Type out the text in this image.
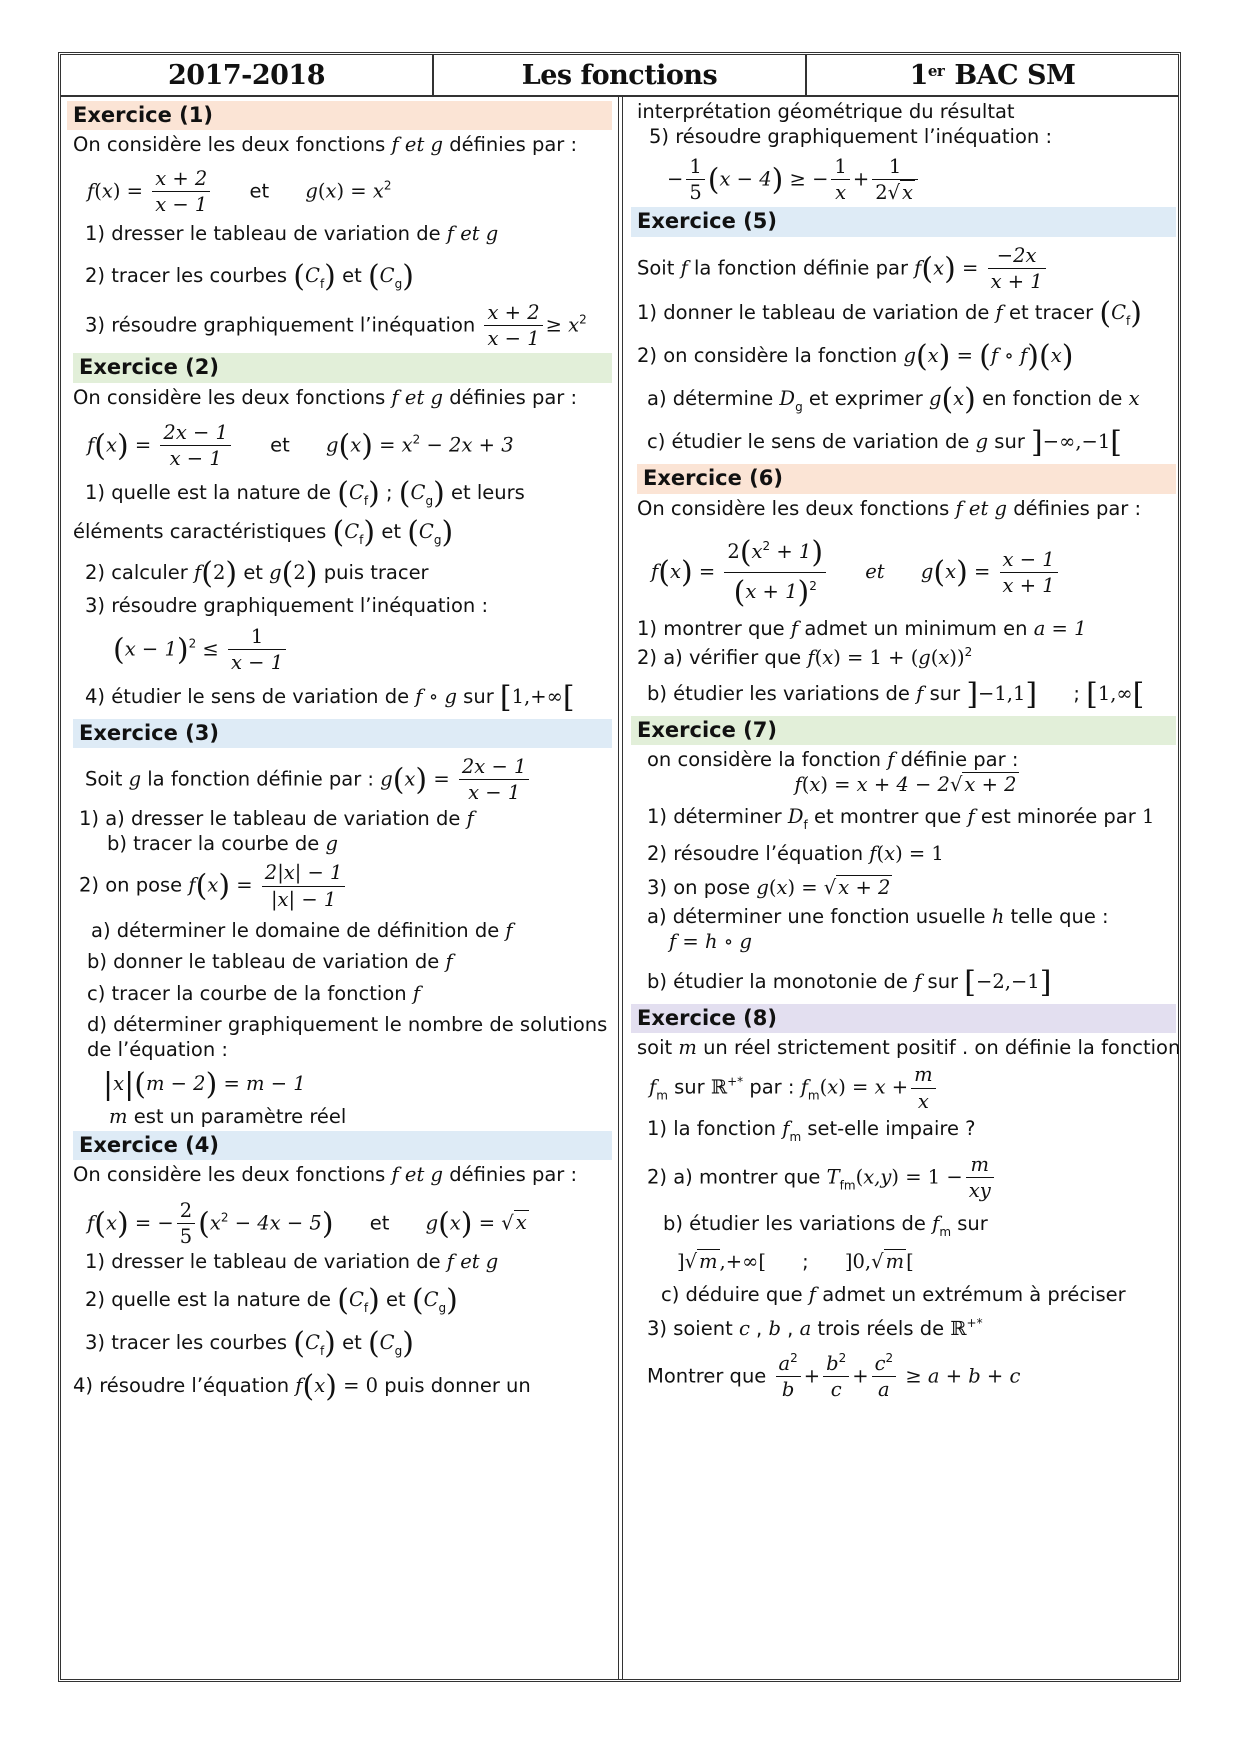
2017-2018	Les fonctions	1er BAC SM
Exercice (1)

On considère les deux fonctions f et g définies par :

$f(x) = \frac{x + 2}{x - 1}$ et $g(x) = x^2$

1) dresser le tableau de variation de f et g

2) tracer les courbes $(C_f)$ et $(C_g)$

3) résoudre graphiquement l’inéquation $\frac{x + 2}{x - 1} \ge x^2$

Exercice (2)

On considère les deux fonctions f et g définies par :

$f(x) = \frac{2x - 1}{x - 1}$ et $g(x) = x^2 - 2x + 3$

1) quelle est la nature de $(C_f)$ ; $(C_g)$ et leurs

éléments caractéristiques $(C_f)$ et $(C_g)$

2) calculer f(2) et g(2) puis tracer

3) résoudre graphiquement l’inéquation :

$(x - 1)^2 \le \frac{1}{x - 1}$

4) étudier le sens de variation de f ∘ g sur [1,+∞[

Exercice (3)

Soit g la fonction définie par : $g(x) = \frac{2x - 1}{x - 1}$

1) a) dresser le tableau de variation de f

b) tracer la courbe de g

2) on pose $f(x) = \frac{2|x| - 1}{|x| - 1}$

a) déterminer le domaine de définition de f

b) donner le tableau de variation de f

c) tracer la courbe de la fonction f

d) déterminer graphiquement le nombre de solutions

de l’équation :

|x|(m − 2) = m − 1

m est un paramètre réel

Exercice (4)

On considère les deux fonctions f et g définies par :

f(x) = − $\frac{2}{5} (x^2 - 4x - 5)$ et g(x) = √ x

1) dresser le tableau de variation de f et g

2) quelle est la nature de $(C_f)$ et $(C_g)$

3) tracer les courbes $(C_f)$ et $(C_g)$

4) résoudre l’équation f(x) = 0 puis donner un

interprétation géométrique du résultat

5) résoudre graphiquement l’inéquation :

− $\frac{1}{5} (x - 4)$ ≥ − $\frac{1}{x} + \frac{1}{2√ x}$

Exercice (5)

Soit f la fonction définie par $f(x) = \frac{-2x}{x + 1}$

1) donner le tableau de variation de f et tracer $(C_f)$

2) on considère la fonction g(x) = (f ∘ f)(x)

a) détermine $D_g$ et exprimer g(x) en fonction de x

c) étudier le sens de variation de g sur ]−∞,−1[

Exercice (6)

On considère les deux fonctions f et g définies par :

$f(x) = \frac{2(x^2 + 1)}{(x + 1)^2}$ et $g(x) = \frac{x - 1}{x + 1}$

1) montrer que f admet un minimum en a = 1

2) a) vérifier que $f(x) = 1 + (g(x))^2$

b) étudier les variations de f sur ]−1,1] ; [1,∞[

Exercice (7)

on considère la fonction f définie par :

f(x) = x + 4 − 2√ x + 2

1) déterminer $D_f$ et montrer que f est minorée par 1

2) résoudre l’équation f(x) = 1

3) on pose g(x) = √ x + 2

a) déterminer une fonction usuelle h telle que :

f = h ∘ g

b) étudier la monotonie de f sur [−2,−1]

Exercice (8)

soit m un réel strictement positif . on définie la fonction

$f_m$ sur ℝ+* par : $f_m(x) = x + \frac{m}{x}$

1) la fonction $f_m$ set-elle impaire ?

2) a) montrer que $T_{fm}(x,y) = 1 - \frac{m}{xy}$

b) étudier les variations de $f_m$ sur

]√ m ,+∞[ ; ]0,√ m [

c) déduire que f admet un extrémum à préciser

3) soient c , b , a trois réels de ℝ+*

Montrer que $\frac{a^2}{b} + \frac{b^2}{c} + \frac{c^2}{a} \ge a + b + c$
